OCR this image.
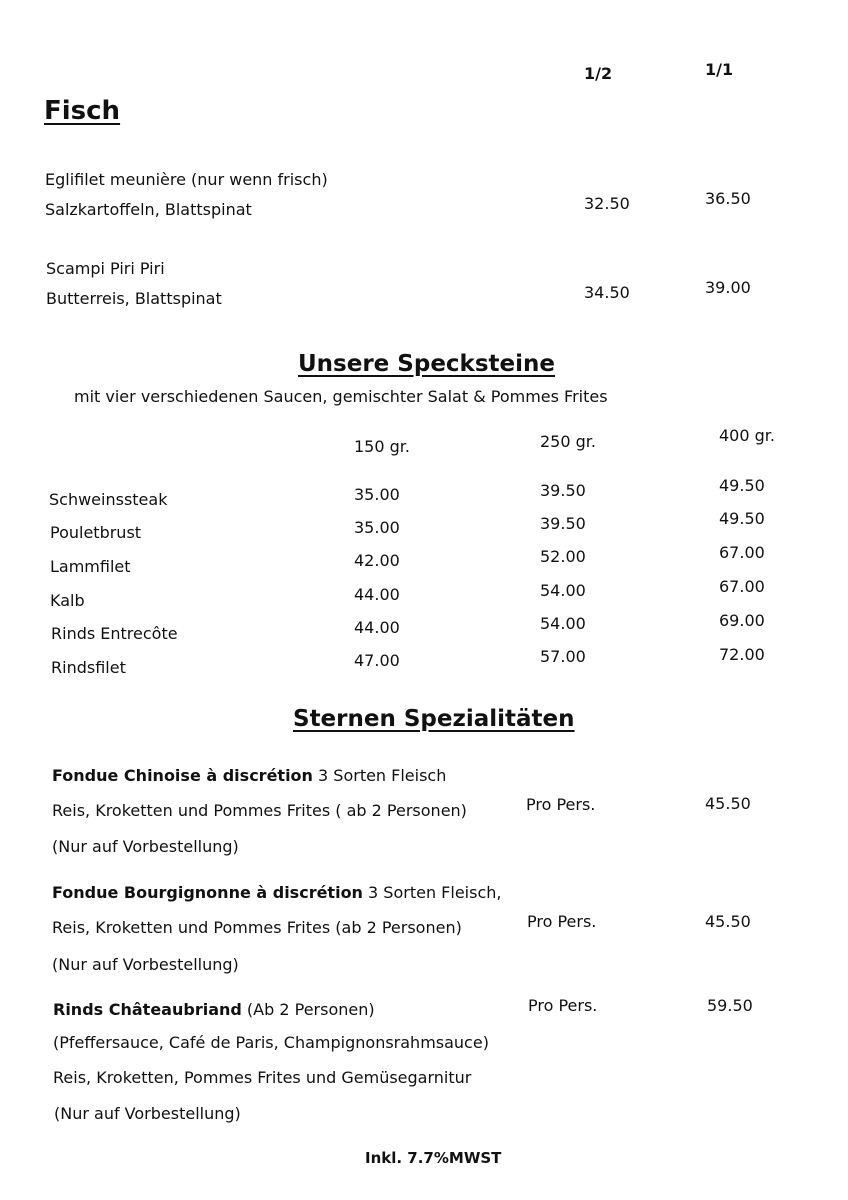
1/2	1/1
Fisch
Eglifilet meunière (nur wenn frisch)
Salzkartoffeln, Blattspinat	32.50	36.50
Scampi Piri Piri
Butterreis, Blattspinat	34.50	39.00
Unsere Specksteine
mit vier verschiedenen Saucen, gemischter Salat & Pommes Frites
150 gr.	250 gr.	400 gr.
Schweinssteak	35.00	39.50	49.50
Pouletbrust	35.00	39.50	49.50
Lammfilet	42.00	52.00	67.00
Kalb	44.00	54.00	67.00
Rinds Entrecôte	44.00	54.00	69.00
Rindsfilet	47.00	57.00	72.00
Sternen Spezialitäten
Fondue Chinoise à discrétion 3 Sorten Fleisch
Reis, Kroketten und Pommes Frites ( ab 2 Personen)
(Nur auf Vorbestellung)
Pro Pers.	45.50
Fondue Bourgignonne à discrétion 3 Sorten Fleisch,
Reis, Kroketten und Pommes Frites (ab 2 Personen)
(Nur auf Vorbestellung)
Pro Pers.	45.50
Rinds Châteaubriand (Ab 2 Personen)
(Pfeffersauce, Café de Paris, Champignonsrahmsauce)
Reis, Kroketten, Pommes Frites und Gemüsegarnitur
(Nur auf Vorbestellung)
Pro Pers.	59.50
Inkl. 7.7%MWST
